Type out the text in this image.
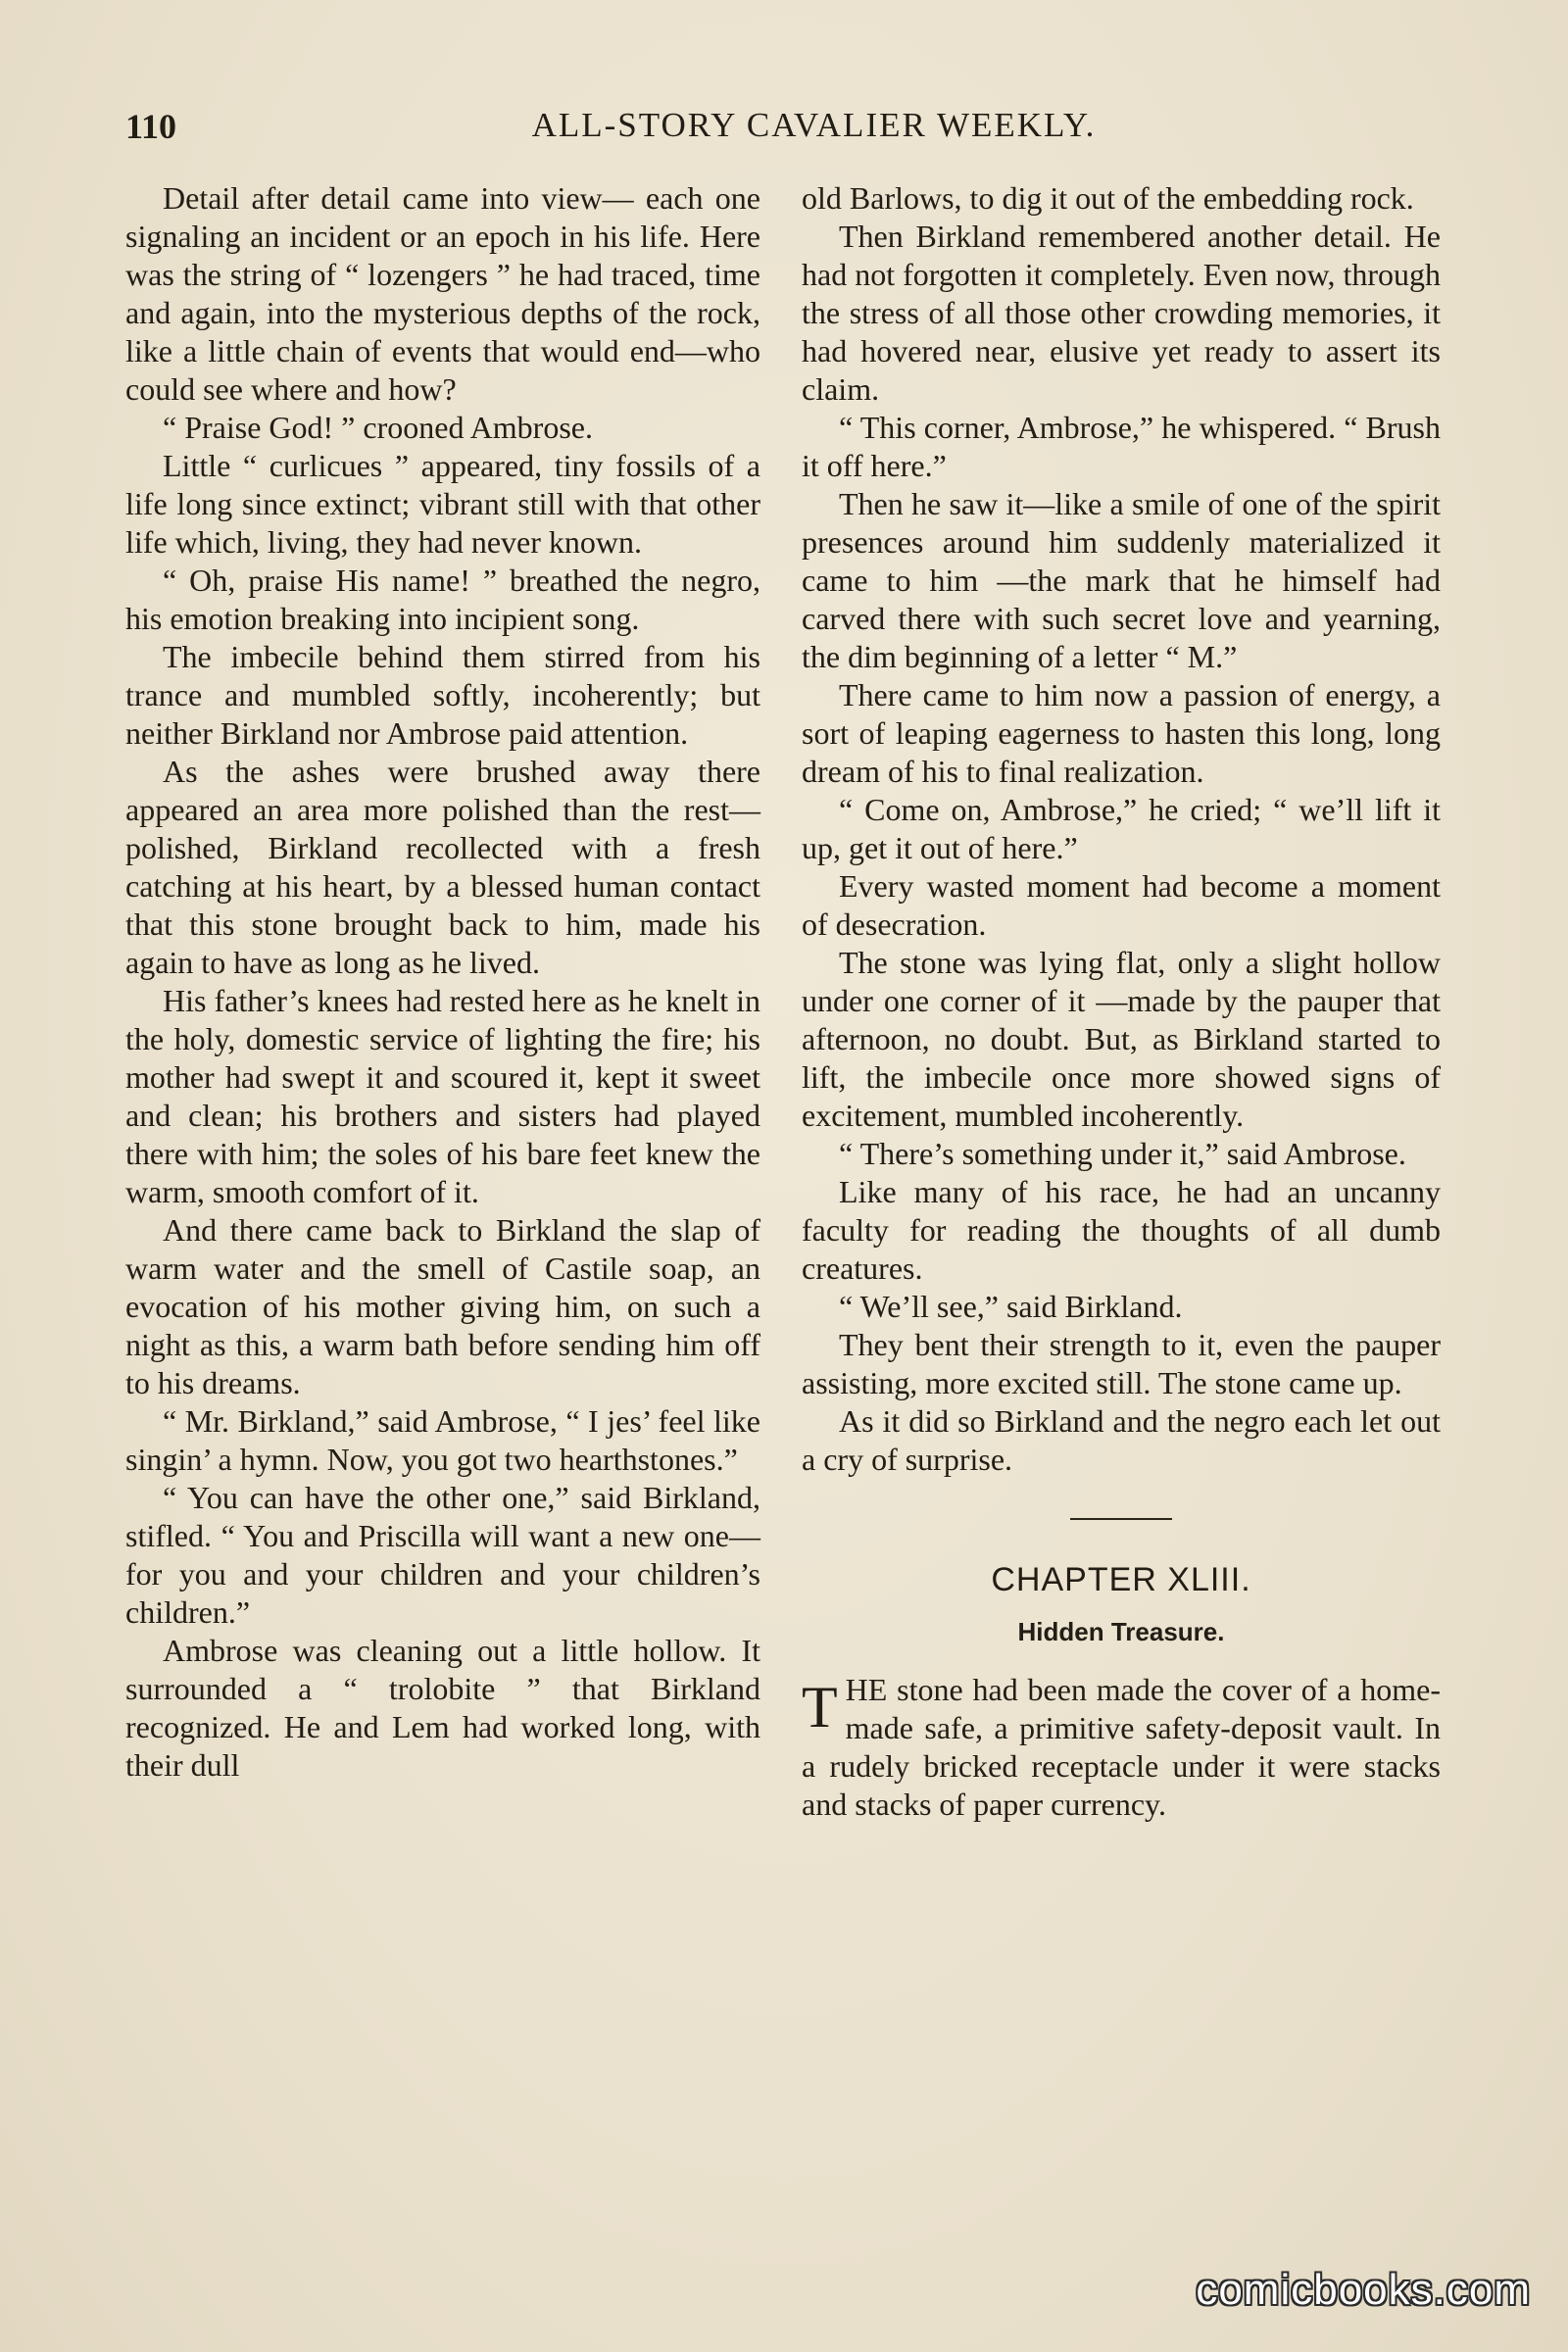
110	ALL-STORY CAVALIER WEEKLY.

Detail after detail came into view— each one signaling an incident or an epoch in his life. Here was the string of “ lozengers ” he had traced, time and again, into the mysterious depths of the rock, like a little chain of events that would end—who could see where and how?

“ Praise God! ” crooned Ambrose.

Little “ curlicues ” appeared, tiny fossils of a life long since extinct; vibrant still with that other life which, living, they had never known.

“ Oh, praise His name! ” breathed the negro, his emotion breaking into incipient song.

The imbecile behind them stirred from his trance and mumbled softly, incoherently; but neither Birkland nor Ambrose paid attention.

As the ashes were brushed away there appeared an area more polished than the rest—polished, Birkland recollected with a fresh catching at his heart, by a blessed human contact that this stone brought back to him, made his again to have as long as he lived.

His father’s knees had rested here as he knelt in the holy, domestic service of lighting the fire; his mother had swept it and scoured it, kept it sweet and clean; his brothers and sisters had played there with him; the soles of his bare feet knew the warm, smooth comfort of it.

And there came back to Birkland the slap of warm water and the smell of Castile soap, an evocation of his mother giving him, on such a night as this, a warm bath before sending him off to his dreams.

“ Mr. Birkland,” said Ambrose, “ I jes’ feel like singin’ a hymn. Now, you got two hearthstones.”

“ You can have the other one,” said Birkland, stifled. “ You and Priscilla will want a new one—for you and your children and your children’s children.”

Ambrose was cleaning out a little hollow. It surrounded a “ trolobite ” that Birkland recognized. He and Lem had worked long, with their dull

old Barlows, to dig it out of the embedding rock.

Then Birkland remembered another detail. He had not forgotten it completely. Even now, through the stress of all those other crowding memories, it had hovered near, elusive yet ready to assert its claim.

“ This corner, Ambrose,” he whispered. “ Brush it off here.”

Then he saw it—like a smile of one of the spirit presences around him suddenly materialized it came to him —the mark that he himself had carved there with such secret love and yearning, the dim beginning of a letter “ M.”

There came to him now a passion of energy, a sort of leaping eagerness to hasten this long, long dream of his to final realization.

“ Come on, Ambrose,” he cried; “ we’ll lift it up, get it out of here.”

Every wasted moment had become a moment of desecration.

The stone was lying flat, only a slight hollow under one corner of it —made by the pauper that afternoon, no doubt. But, as Birkland started to lift, the imbecile once more showed signs of excitement, mumbled incoherently.

“ There’s something under it,” said Ambrose.

Like many of his race, he had an uncanny faculty for reading the thoughts of all dumb creatures.

“ We’ll see,” said Birkland.

They bent their strength to it, even the pauper assisting, more excited still. The stone came up.

As it did so Birkland and the negro each let out a cry of surprise.

CHAPTER XLIII.
Hidden Treasure.

THE stone had been made the cover of a home-made safe, a primitive safety-deposit vault. In a rudely bricked receptacle under it were stacks and stacks of paper currency.

comicbooks.com
